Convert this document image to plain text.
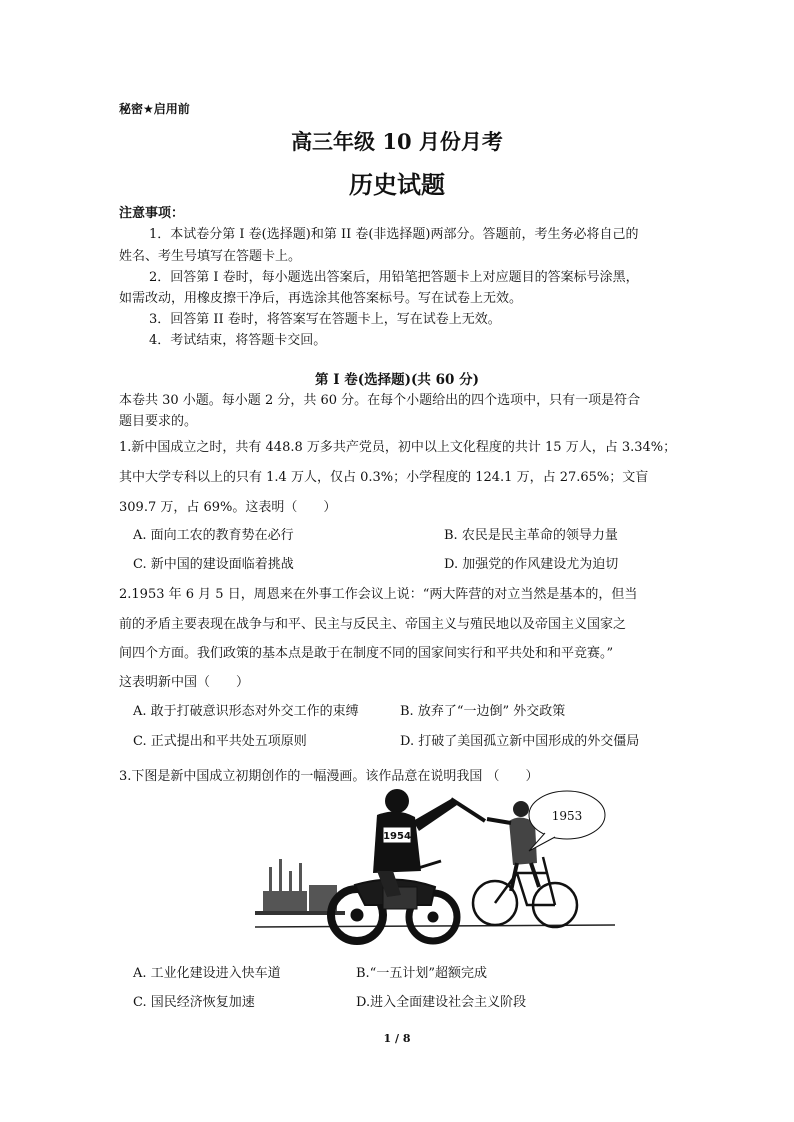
秘密★启用前
高三年级 10 月份月考
历史试题
注意事项：
1．本试卷分第 I 卷(选择题)和第 II 卷(非选择题)两部分。答题前，考生务必将自己的
姓名、考生号填写在答题卡上。
2．回答第 I 卷时，每小题选出答案后，用铅笔把答题卡上对应题目的答案标号涂黑，
如需改动，用橡皮擦干净后，再选涂其他答案标号。写在试卷上无效。
3．回答第 II 卷时，将答案写在答题卡上，写在试卷上无效。
4．考试结束，将答题卡交回。
第 Ⅰ 卷(选择题)(共 60 分)
本卷共 30 小题。每小题 2 分，共 60 分。在每个小题给出的四个选项中，只有一项是符合
题目要求的。
1.新中国成立之时，共有 448.8 万多共产党员，初中以上文化程度的共计 15 万人，占 3.34%；
其中大学专科以上的只有 1.4 万人，仅占 0.3%；小学程度的 124.1 万，占 27.65%；文盲
309.7 万，占 69%。这表明（　　）
A. 面向工农的教育势在必行	B. 农民是民主革命的领导力量
C. 新中国的建设面临着挑战	D. 加强党的作风建设尤为迫切
2.1953 年 6 月 5 日，周恩来在外事工作会议上说：“两大阵营的对立当然是基本的，但当
前的矛盾主要表现在战争与和平、民主与反民主、帝国主义与殖民地以及帝国主义国家之
间四个方面。我们政策的基本点是敢于在制度不同的国家间实行和平共处和和平竞赛。”
这表明新中国（　　）
A. 敢于打破意识形态对外交工作的束缚	B. 放弃了“一边倒” 外交政策
C. 正式提出和平共处五项原则	D. 打破了美国孤立新中国形成的外交僵局
3.下图是新中国成立初期创作的一幅漫画。该作品意在说明我国 （　　）
1954
1953
A. 工业化建设进入快车道	B.“一五计划”超额完成
C. 国民经济恢复加速	D.进入全面建设社会主义阶段
1 / 8
